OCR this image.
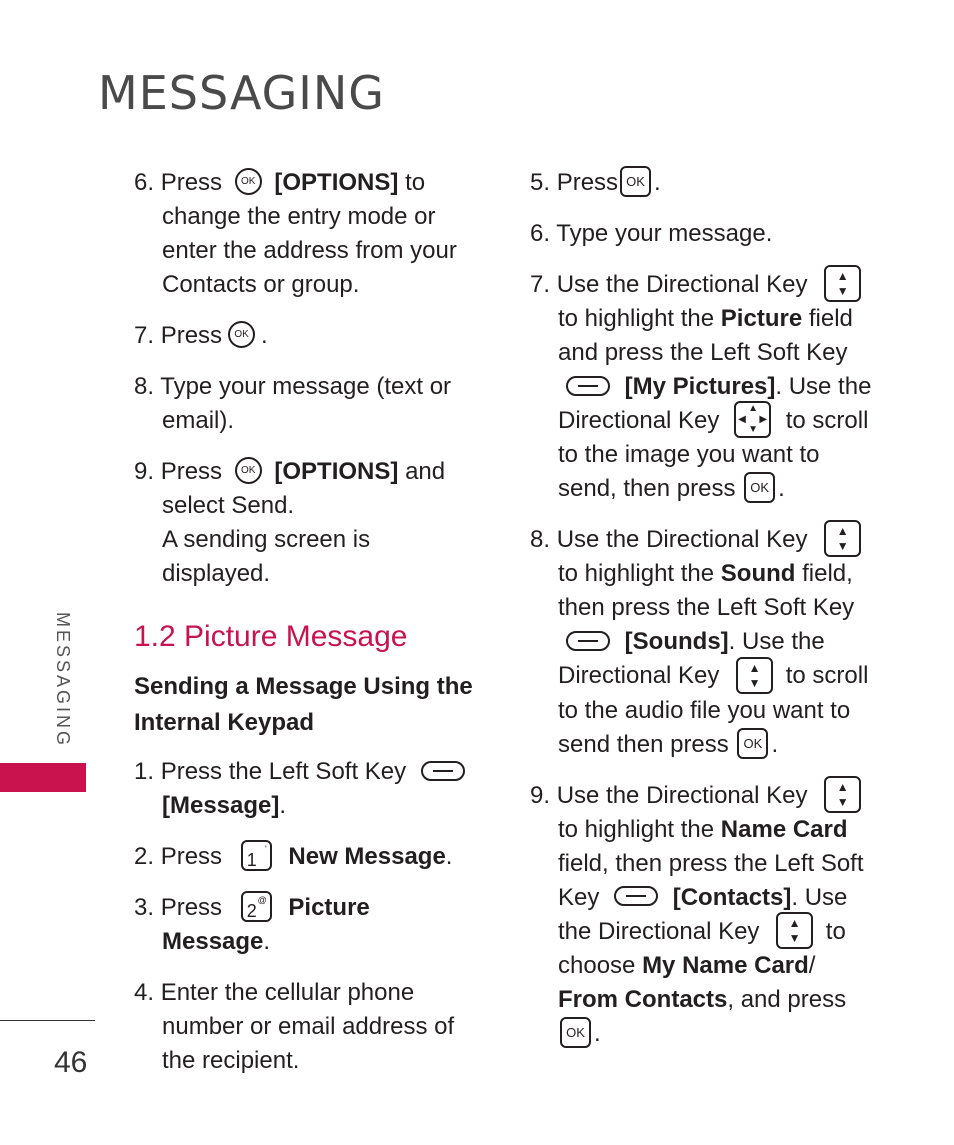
MESSAGING
MESSAGING
46
6. Press OK [OPTIONS] to change the entry mode or enter the address from your Contacts or group.
7. Press OK .
8. Type your message (text or email).
9. Press OK [OPTIONS] and select Send.
A sending screen is displayed.
1.2 Picture Message
Sending a Message Using the Internal Keypad
1. Press the Left Soft Key  [Message].
2. Press 1
' New Message.
3. Press 2
@ Picture Message.
4. Enter the cellular phone number or email address of the recipient.
5. Press OK .
6. Type your message.
7. Use the Directional Key ▲
▼ to highlight the Picture field and press the Left Soft Key  [My Pictures]. Use the Directional Key	▲
▼
◀ ▶ to scroll to the image you want to send, then press OK .
8. Use the Directional Key ▲
▼ to highlight the Sound field, then press the Left Soft Key  [Sounds]. Use the Directional Key ▲
▼ to scroll to the audio file you want to send then press OK .
9. Use the Directional Key ▲
▼ to highlight the Name Card field, then press the Left Soft Key	[Contacts]. Use the Directional Key ▲
▼ to choose My Name Card/ From Contacts, and press OK .
